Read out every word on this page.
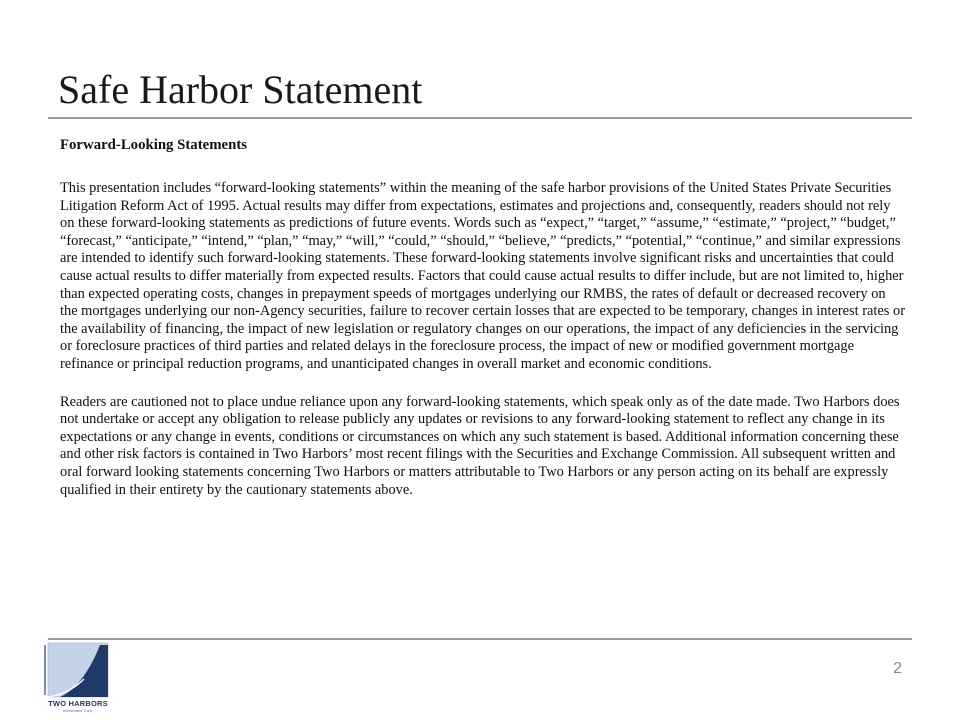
Safe Harbor Statement

Forward-Looking Statements

This presentation includes “forward-looking statements” within the meaning of the safe harbor provisions of the United States Private Securities Litigation Reform Act of 1995. Actual results may differ from expectations, estimates and projections and, consequently, readers should not rely on these forward-looking statements as predictions of future events. Words such as “expect,” “target,” “assume,” “estimate,” “project,” “budget,” “forecast,” “anticipate,” “intend,” “plan,” “may,” “will,” “could,” “should,” “believe,” “predicts,” “potential,” “continue,” and similar expressions are intended to identify such forward-looking statements. These forward-looking statements involve significant risks and uncertainties that could cause actual results to differ materially from expected results. Factors that could cause actual results to differ include, but are not limited to, higher than expected operating costs, changes in prepayment speeds of mortgages underlying our RMBS, the rates of default or decreased recovery on the mortgages underlying our non-Agency securities, failure to recover certain losses that are expected to be temporary, changes in interest rates or the availability of financing, the impact of new legislation or regulatory changes on our operations, the impact of any deficiencies in the servicing or foreclosure practices of third parties and related delays in the foreclosure process, the impact of new or modified government mortgage refinance or principal reduction programs, and unanticipated changes in overall market and economic conditions.

Readers are cautioned not to place undue reliance upon any forward-looking statements, which speak only as of the date made. Two Harbors does not undertake or accept any obligation to release publicly any updates or revisions to any forward-looking statement to reflect any change in its expectations or any change in events, conditions or circumstances on which any such statement is based. Additional information concerning these and other risk factors is contained in Two Harbors’ most recent filings with the Securities and Exchange Commission. All subsequent written and oral forward looking statements concerning Two Harbors or matters attributable to Two Harbors or any person acting on its behalf are expressly qualified in their entirety by the cautionary statements above.

TWO HARBORS
Investment Corp.
2
